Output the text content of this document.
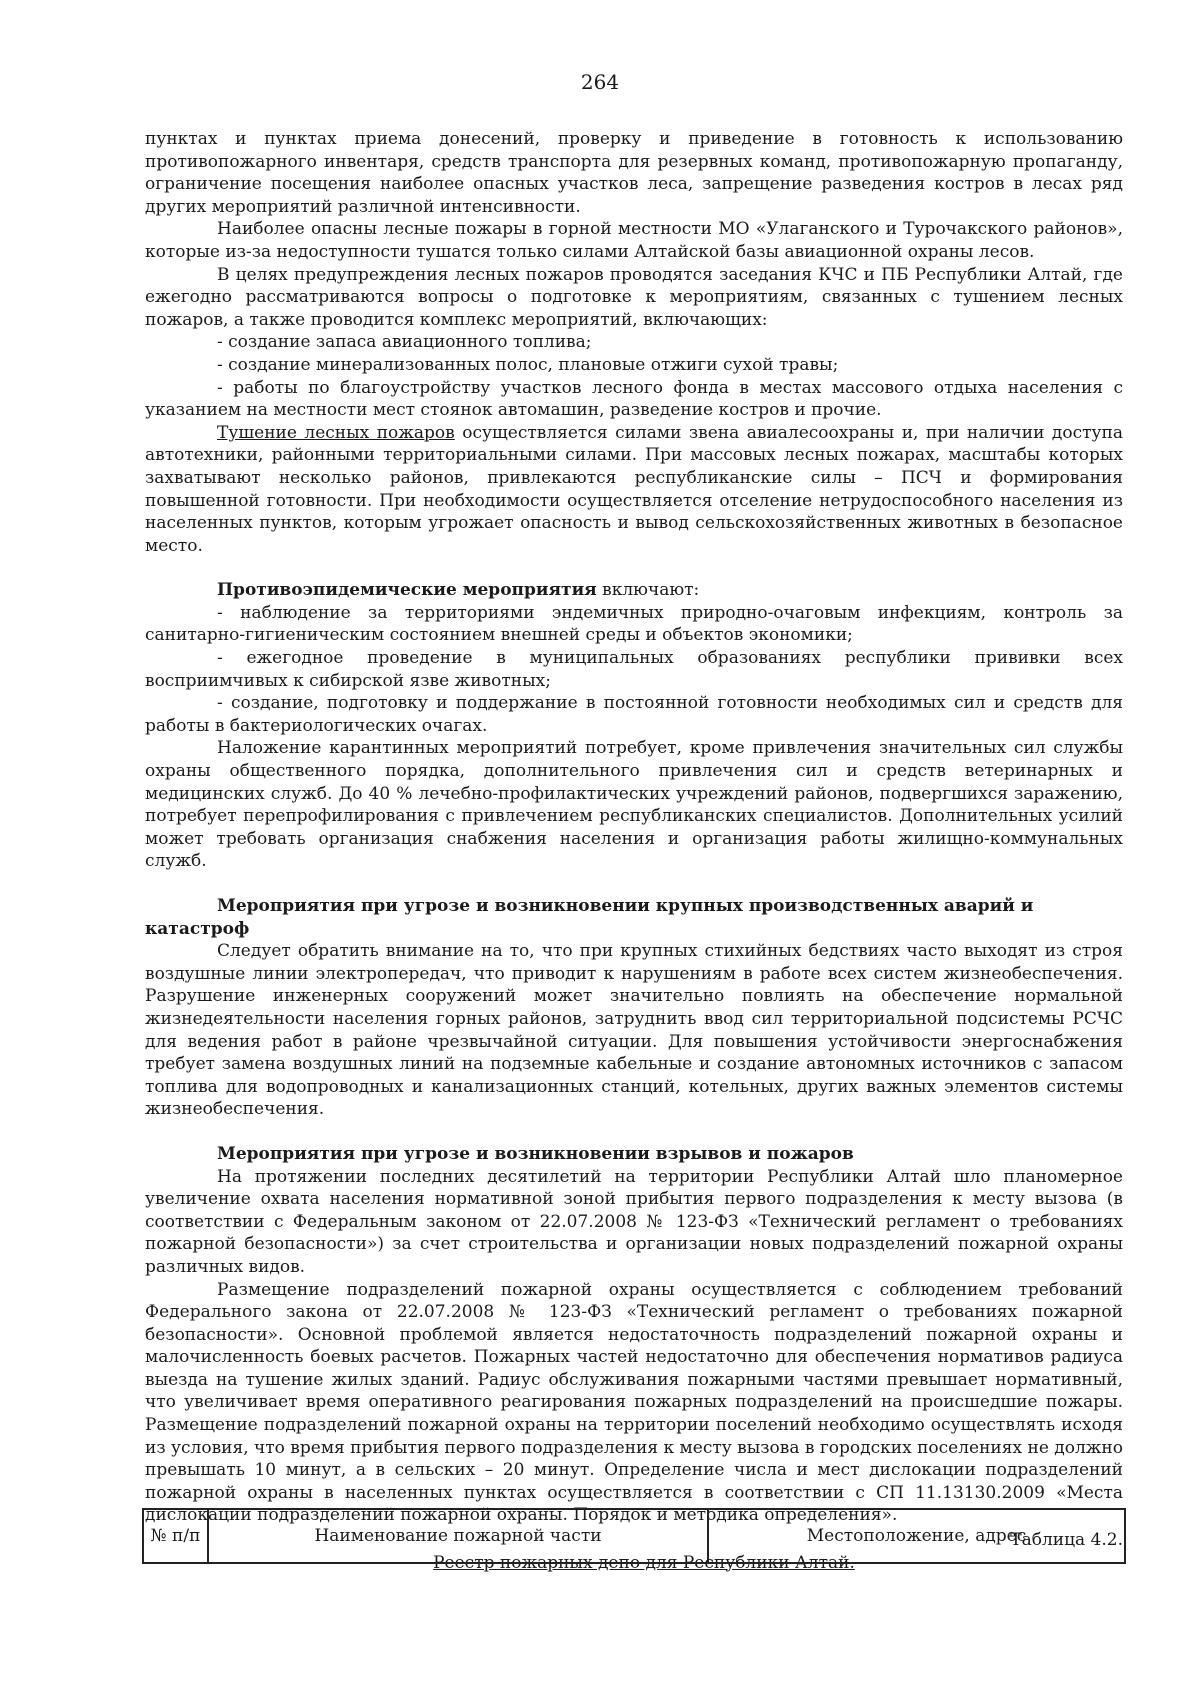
264

пунктах и пунктах приема донесений, проверку и приведение в готовность к использованию противопожарного инвентаря, средств транспорта для резервных команд, противопожарную пропаганду, ограничение посещения наиболее опасных участков леса, запрещение разведения костров в лесах ряд других мероприятий различной интенсивности.

Наиболее опасны лесные пожары в горной местности МО «Улаганского и Турочакского районов», которые из-за недоступности тушатся только силами Алтайской базы авиационной охраны лесов.

В целях предупреждения лесных пожаров проводятся заседания КЧС и ПБ Республики Алтай, где ежегодно рассматриваются вопросы о подготовке к мероприятиям, связанных с тушением лесных пожаров, а также проводится комплекс мероприятий, включающих:

- создание запаса авиационного топлива;

- создание минерализованных полос, плановые отжиги сухой травы;

- работы по благоустройству участков лесного фонда в местах массового отдыха населения с указанием на местности мест стоянок автомашин, разведение костров и прочие.

Тушение лесных пожаров осуществляется силами звена авиалесоохраны и, при наличии доступа автотехники, районными территориальными силами. При массовых лесных пожарах, масштабы которых захватывают несколько районов, привлекаются республиканские силы – ПСЧ и формирования повышенной готовности. При необходимости осуществляется отселение нетрудоспособного населения из населенных пунктов, которым угрожает опасность и вывод сельскохозяйственных животных в безопасное место.

Противоэпидемические мероприятия включают:

- наблюдение за территориями эндемичных природно-очаговым инфекциям, контроль за санитарно-гигиеническим состоянием внешней среды и объектов экономики;

- ежегодное проведение в муниципальных образованиях республики прививки всех восприимчивых к сибирской язве животных;

- создание, подготовку и поддержание в постоянной готовности необходимых сил и средств для работы в бактериологических очагах.

Наложение карантинных мероприятий потребует, кроме привлечения значительных сил службы охраны общественного порядка, дополнительного привлечения сил и средств ветеринарных и медицинских служб. До 40 % лечебно-профилактических учреждений районов, подвергшихся заражению, потребует перепрофилирования с привлечением республиканских специалистов. Дополнительных усилий может требовать организация снабжения населения и организация работы жилищно-коммунальных служб.

Мероприятия при угрозе и возникновении крупных производственных аварий и катастроф

Следует обратить внимание на то, что при крупных стихийных бедствиях часто выходят из строя воздушные линии электропередач, что приводит к нарушениям в работе всех систем жизнеобеспечения. Разрушение инженерных сооружений может значительно повлиять на обеспечение нормальной жизнедеятельности населения горных районов, затруднить ввод сил территориальной подсистемы РСЧС для ведения работ в районе чрезвычайной ситуации. Для повышения устойчивости энергоснабжения требует замена воздушных линий на подземные кабельные и создание автономных источников с запасом топлива для водопроводных и канализационных станций, котельных, других важных элементов системы жизнеобеспечения.

Мероприятия при угрозе и возникновении взрывов и пожаров

На протяжении последних десятилетий на территории Республики Алтай шло планомерное увеличение охвата населения нормативной зоной прибытия первого подразделения к месту вызова (в соответствии с Федеральным законом от 22.07.2008 № 123-ФЗ «Технический регламент о требованиях пожарной безопасности») за счет строительства и организации новых подразделений пожарной охраны различных видов.

Размещение подразделений пожарной охраны осуществляется с соблюдением требований Федерального закона от 22.07.2008 № 123-ФЗ «Технический регламент о требованиях пожарной безопасности». Основной проблемой является недостаточность подразделений пожарной охраны и малочисленность боевых расчетов. Пожарных частей недостаточно для обеспечения нормативов радиуса выезда на тушение жилых зданий. Радиус обслуживания пожарными частями превышает нормативный, что увеличивает время оперативного реагирования пожарных подразделений на происшедшие пожары. Размещение подразделений пожарной охраны на территории поселений необходимо осуществлять исходя из условия, что время прибытия первого подразделения к месту вызова в городских поселениях не должно превышать 10 минут, а в сельских – 20 минут. Определение числа и мест дислокации подразделений пожарной охраны в населенных пунктах осуществляется в соответствии с СП 11.13130.2009 «Места дислокации подразделений пожарной охраны. Порядок и методика определения».

Таблица 4.2.

Реестр пожарных депо для Республики Алтай.

№ п/п	Наименование пожарной части	Местоположение, адрес
